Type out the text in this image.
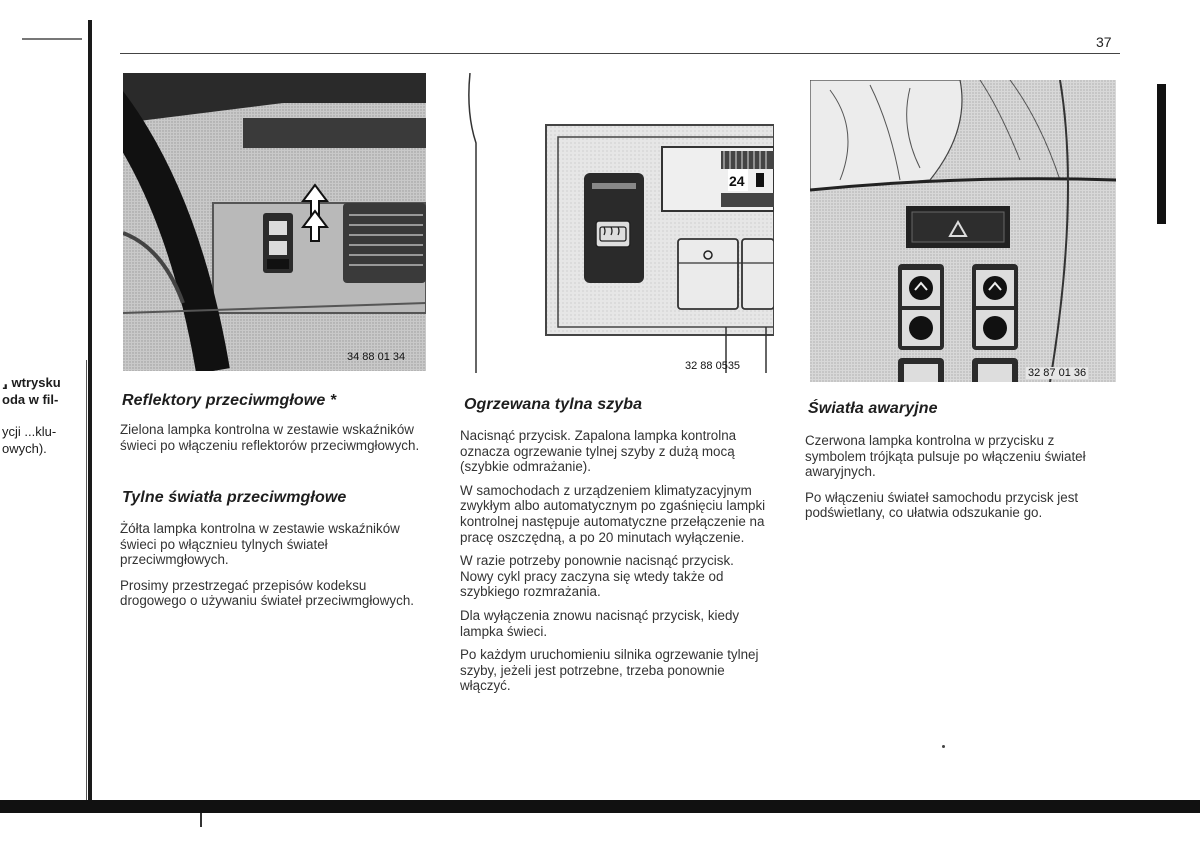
37
⸥ wtrysku
oda w fil-
ycji ...klu-
owych).
34 88 01 34
Reflektory przeciwmgłowe *

Zielona lampka kontrolna w zestawie wskaźników świeci po włączeniu reflektorów przeciwmgłowych.

Tylne światła przeciwmgłowe

Żółta lampka kontrolna w zestawie wskaźników świeci po włącznieu tylnych świateł przeciwmgłowych.

Prosimy przestrzegać przepisów kodeksu drogowego o używaniu świateł przeciwmgłowych.

24
32 88 0535
Ogrzewana tylna szyba

Nacisnąć przycisk. Zapalona lampka kontrolna oznacza ogrzewanie tylnej szyby z dużą mocą (szybkie odmrażanie).

W samochodach z urządzeniem klimatyzacyjnym zwykłym albo automatycznym po zgaśnięciu lampki kontrolnej następuje automatyczne przełączenie na pracę oszczędną, a po 20 minutach wyłączenie.

W razie potrzeby ponownie nacisnąć przycisk. Nowy cykl pracy zaczyna się wtedy także od szybkiego rozmrażania.

Dla wyłączenia znowu nacisnąć przycisk, kiedy lampka świeci.

Po każdym uruchomieniu silnika ogrzewanie tylnej szyby, jeżeli jest potrzebne, trzeba ponownie włączyć.

32 87 01 36
Światła awaryjne

Czerwona lampka kontrolna w przycisku z symbolem trójkąta pulsuje po włączeniu świateł awaryjnych.

Po włączeniu świateł samochodu przycisk jest podświetlany, co ułatwia odszukanie go.
